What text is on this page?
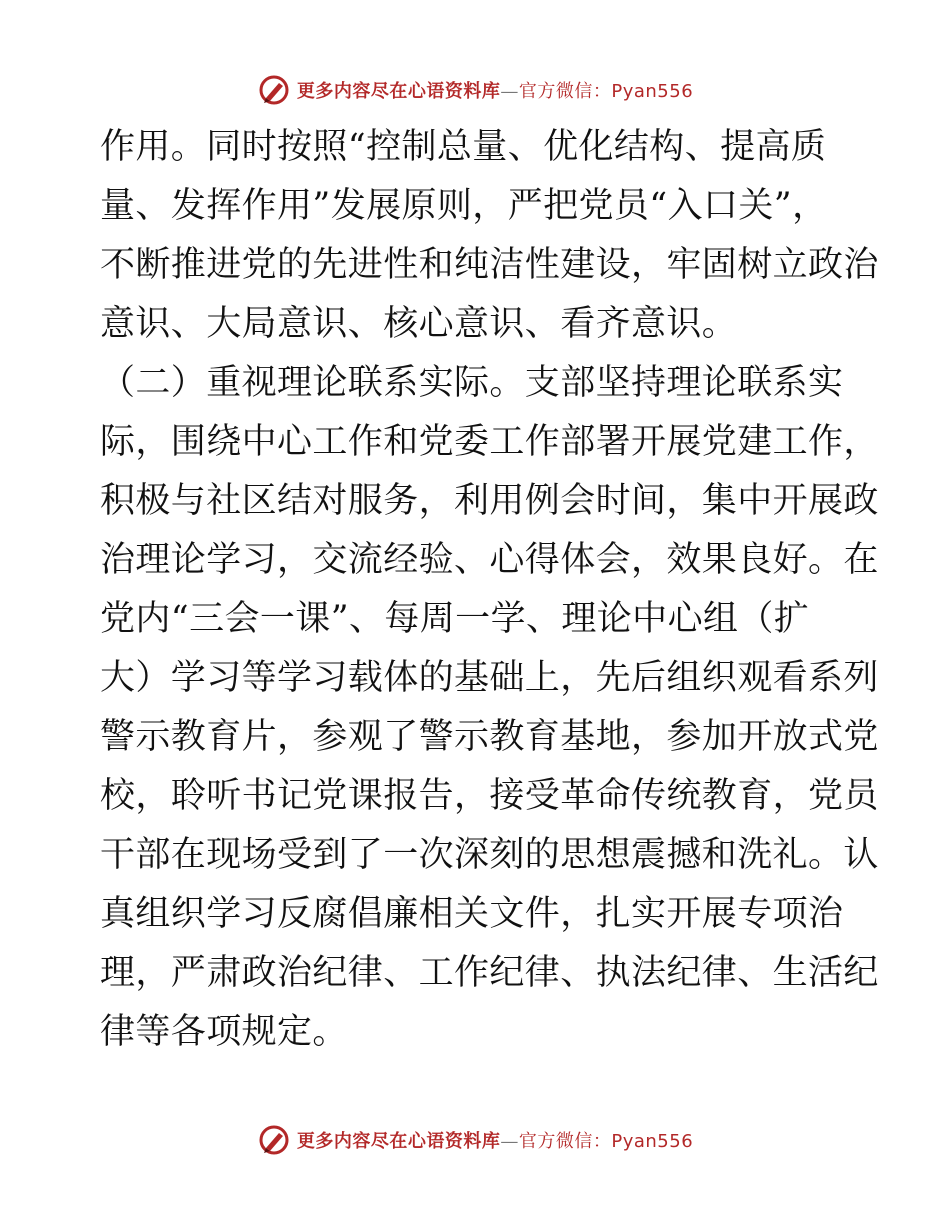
更多内容尽在心语资料库—官方微信：Pyan556
作用。同时按照“控制总量、优化结构、提高质
量、发挥作用”发展原则，严把党员“入口关”，
不断推进党的先进性和纯洁性建设，牢固树立政治
意识、大局意识、核心意识、看齐意识。
（二）重视理论联系实际。支部坚持理论联系实
际，围绕中心工作和党委工作部署开展党建工作，
积极与社区结对服务，利用例会时间，集中开展政
治理论学习，交流经验、心得体会，效果良好。在
党内“三会一课”、每周一学、理论中心组（扩
大）学习等学习载体的基础上，先后组织观看系列
警示教育片，参观了警示教育基地，参加开放式党
校，聆听书记党课报告，接受革命传统教育，党员
干部在现场受到了一次深刻的思想震撼和洗礼。认
真组织学习反腐倡廉相关文件，扎实开展专项治
理，严肃政治纪律、工作纪律、执法纪律、生活纪
律等各项规定。
更多内容尽在心语资料库—官方微信：Pyan556
